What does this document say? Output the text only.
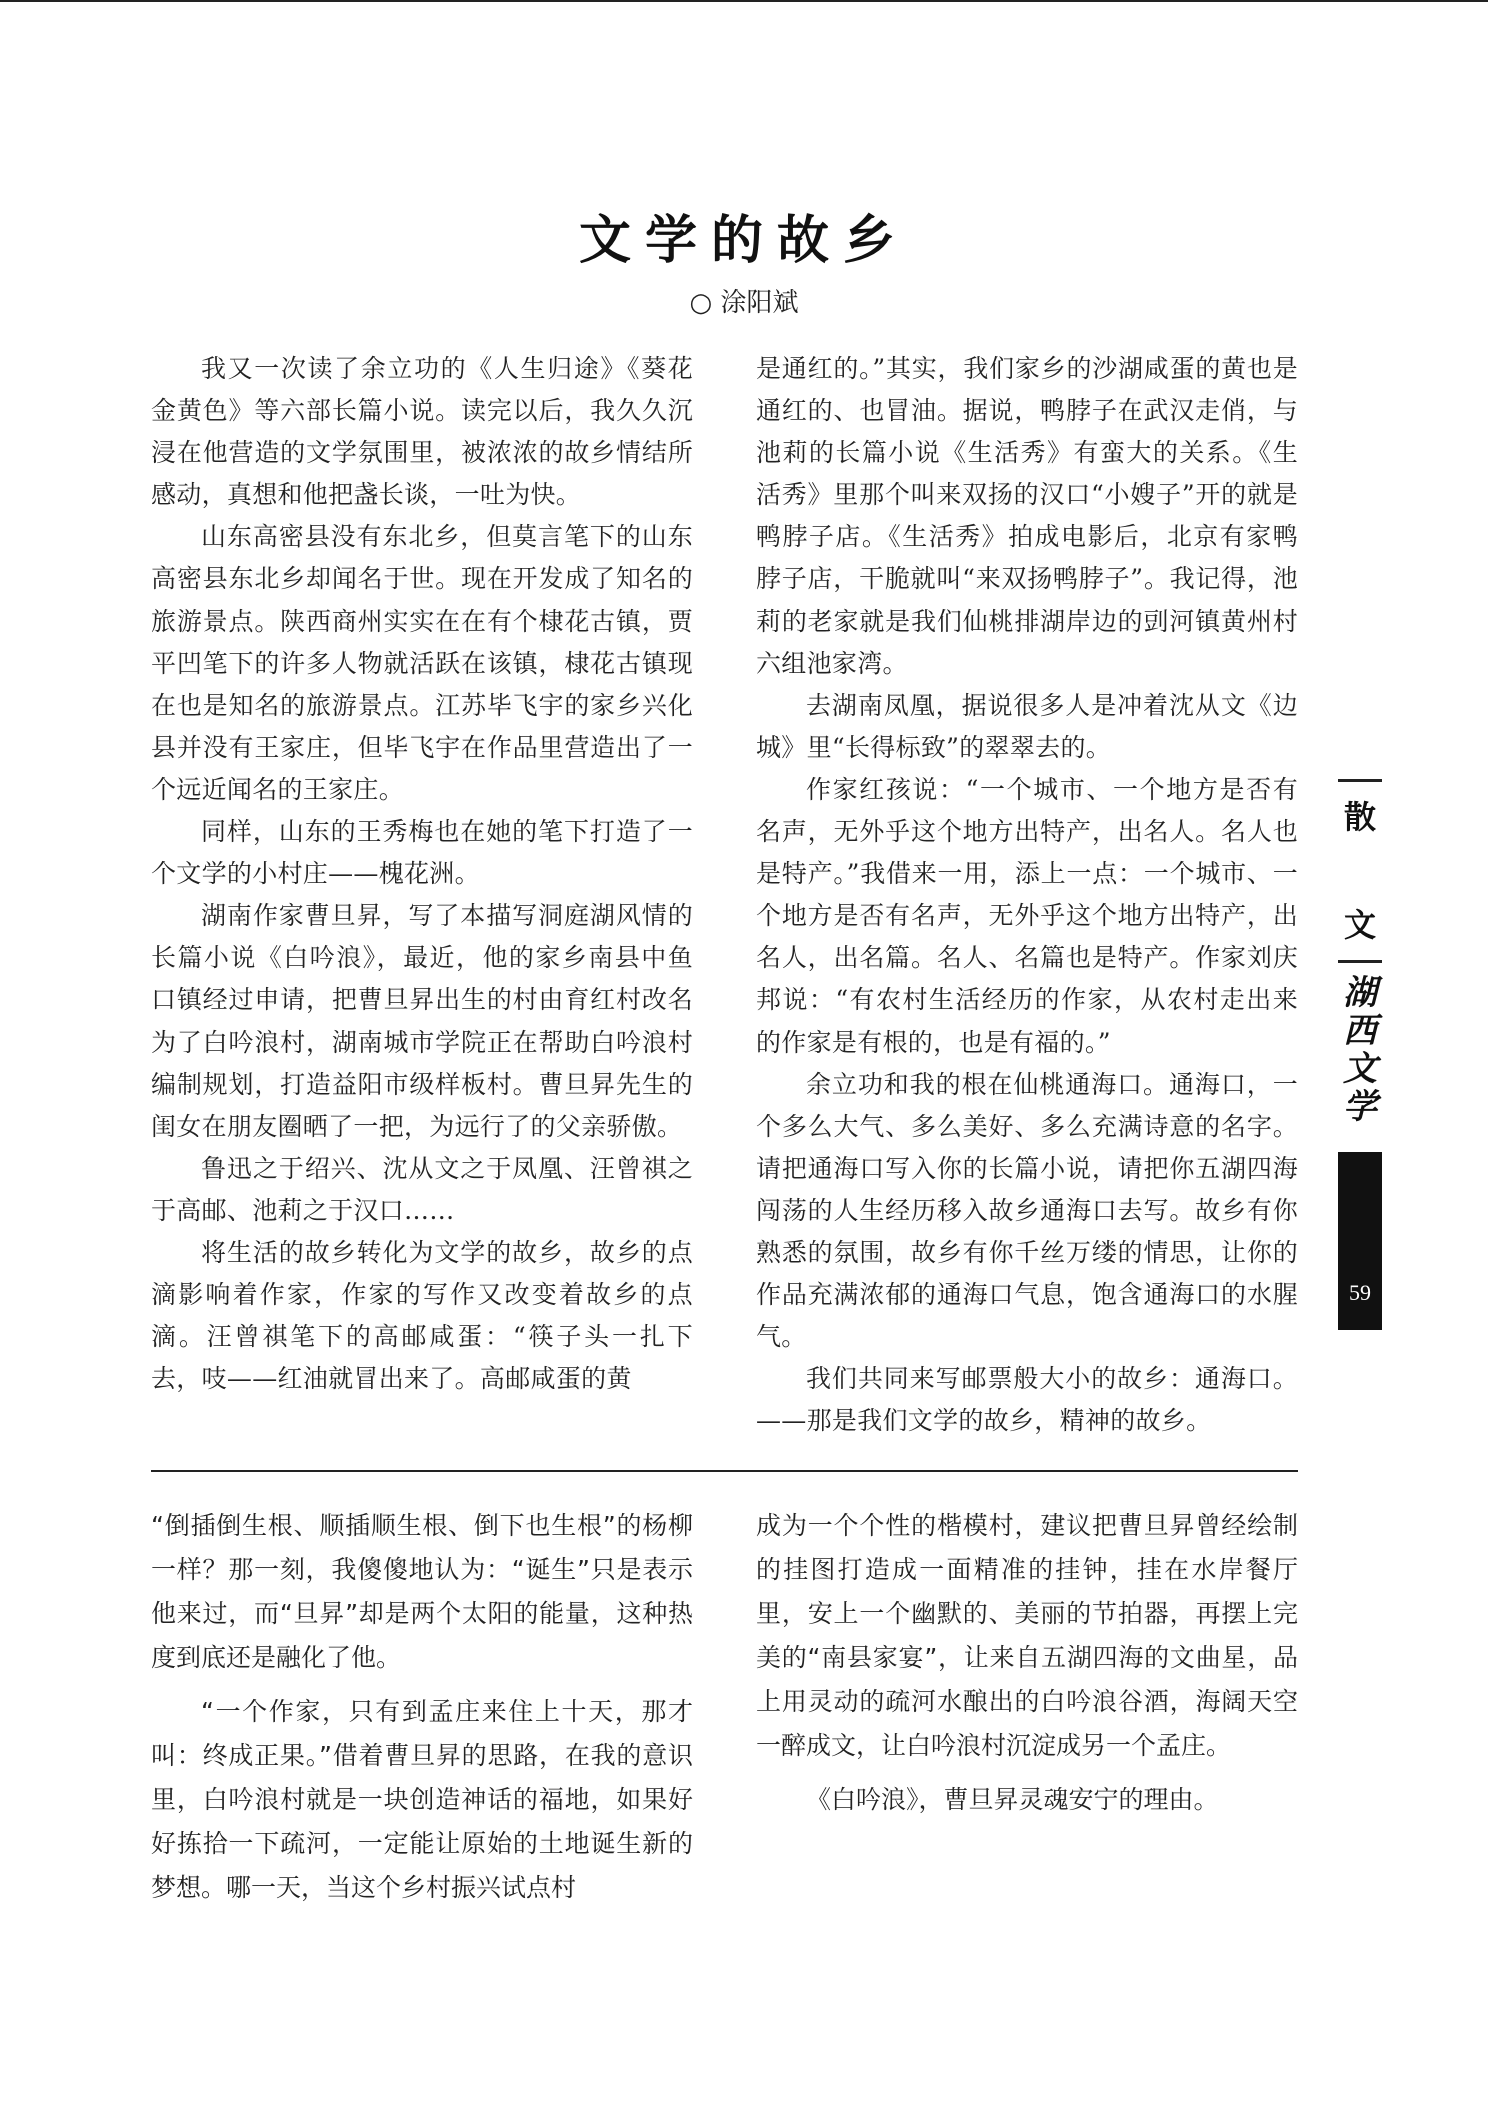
文学的故乡
○ 涂阳斌

我又一次读了余立功的《人生归途》《葵花金黄色》等六部长篇小说。读完以后，我久久沉浸在他营造的文学氛围里，被浓浓的故乡情结所感动，真想和他把盏长谈，一吐为快。

山东高密县没有东北乡，但莫言笔下的山东高密县东北乡却闻名于世。现在开发成了知名的旅游景点。陕西商州实实在在有个棣花古镇，贾平凹笔下的许多人物就活跃在该镇，棣花古镇现在也是知名的旅游景点。江苏毕飞宇的家乡兴化县并没有王家庄，但毕飞宇在作品里营造出了一个远近闻名的王家庄。

同样，山东的王秀梅也在她的笔下打造了一个文学的小村庄——槐花洲。

湖南作家曹旦昇，写了本描写洞庭湖风情的长篇小说《白吟浪》，最近，他的家乡南县中鱼口镇经过申请，把曹旦昇出生的村由育红村改名为了白吟浪村，湖南城市学院正在帮助白吟浪村编制规划，打造益阳市级样板村。曹旦昇先生的闺女在朋友圈晒了一把，为远行了的父亲骄傲。

鲁迅之于绍兴、沈从文之于凤凰、汪曾祺之于高邮、池莉之于汉口……

将生活的故乡转化为文学的故乡，故乡的点滴影响着作家，作家的写作又改变着故乡的点滴。汪曾祺笔下的高邮咸蛋：“筷子头一扎下去，吱——红油就冒出来了。高邮咸蛋的黄

是通红的。”其实，我们家乡的沙湖咸蛋的黄也是通红的、也冒油。据说，鸭脖子在武汉走俏，与池莉的长篇小说《生活秀》有蛮大的关系。《生活秀》里那个叫来双扬的汉口“小嫂子”开的就是鸭脖子店。《生活秀》拍成电影后，北京有家鸭脖子店，干脆就叫“来双扬鸭脖子”。我记得，池莉的老家就是我们仙桃排湖岸边的剅河镇黄州村六组池家湾。

去湖南凤凰，据说很多人是冲着沈从文《边城》里“长得标致”的翠翠去的。

作家红孩说：“一个城市、一个地方是否有名声，无外乎这个地方出特产，出名人。名人也是特产。”我借来一用，添上一点：一个城市、一个地方是否有名声，无外乎这个地方出特产，出名人，出名篇。名人、名篇也是特产。作家刘庆邦说：“有农村生活经历的作家，从农村走出来的作家是有根的，也是有福的。”

余立功和我的根在仙桃通海口。通海口，一个多么大气、多么美好、多么充满诗意的名字。请把通海口写入你的长篇小说，请把你五湖四海闯荡的人生经历移入故乡通海口去写。故乡有你熟悉的氛围，故乡有你千丝万缕的情思，让你的作品充满浓郁的通海口气息，饱含通海口的水腥气。

我们共同来写邮票般大小的故乡：通海口。——那是我们文学的故乡，精神的故乡。

“倒插倒生根、顺插顺生根、倒下也生根”的杨柳一样？那一刻，我傻傻地认为：“诞生”只是表示他来过，而“旦昇”却是两个太阳的能量，这种热度到底还是融化了他。

“一个作家，只有到孟庄来住上十天，那才叫：终成正果。”借着曹旦昇的思路，在我的意识里，白吟浪村就是一块创造神话的福地，如果好好拣拾一下疏河，一定能让原始的土地诞生新的梦想。哪一天，当这个乡村振兴试点村

成为一个个性的楷模村，建议把曹旦昇曾经绘制的挂图打造成一面精准的挂钟，挂在水岸餐厅里，安上一个幽默的、美丽的节拍器，再摆上完美的“南县家宴”，让来自五湖四海的文曲星，品上用灵动的疏河水酿出的白吟浪谷酒，海阔天空一醉成文，让白吟浪村沉淀成另一个孟庄。

《白吟浪》，曹旦昇灵魂安宁的理由。

散
文
湖
西
文
学
59
